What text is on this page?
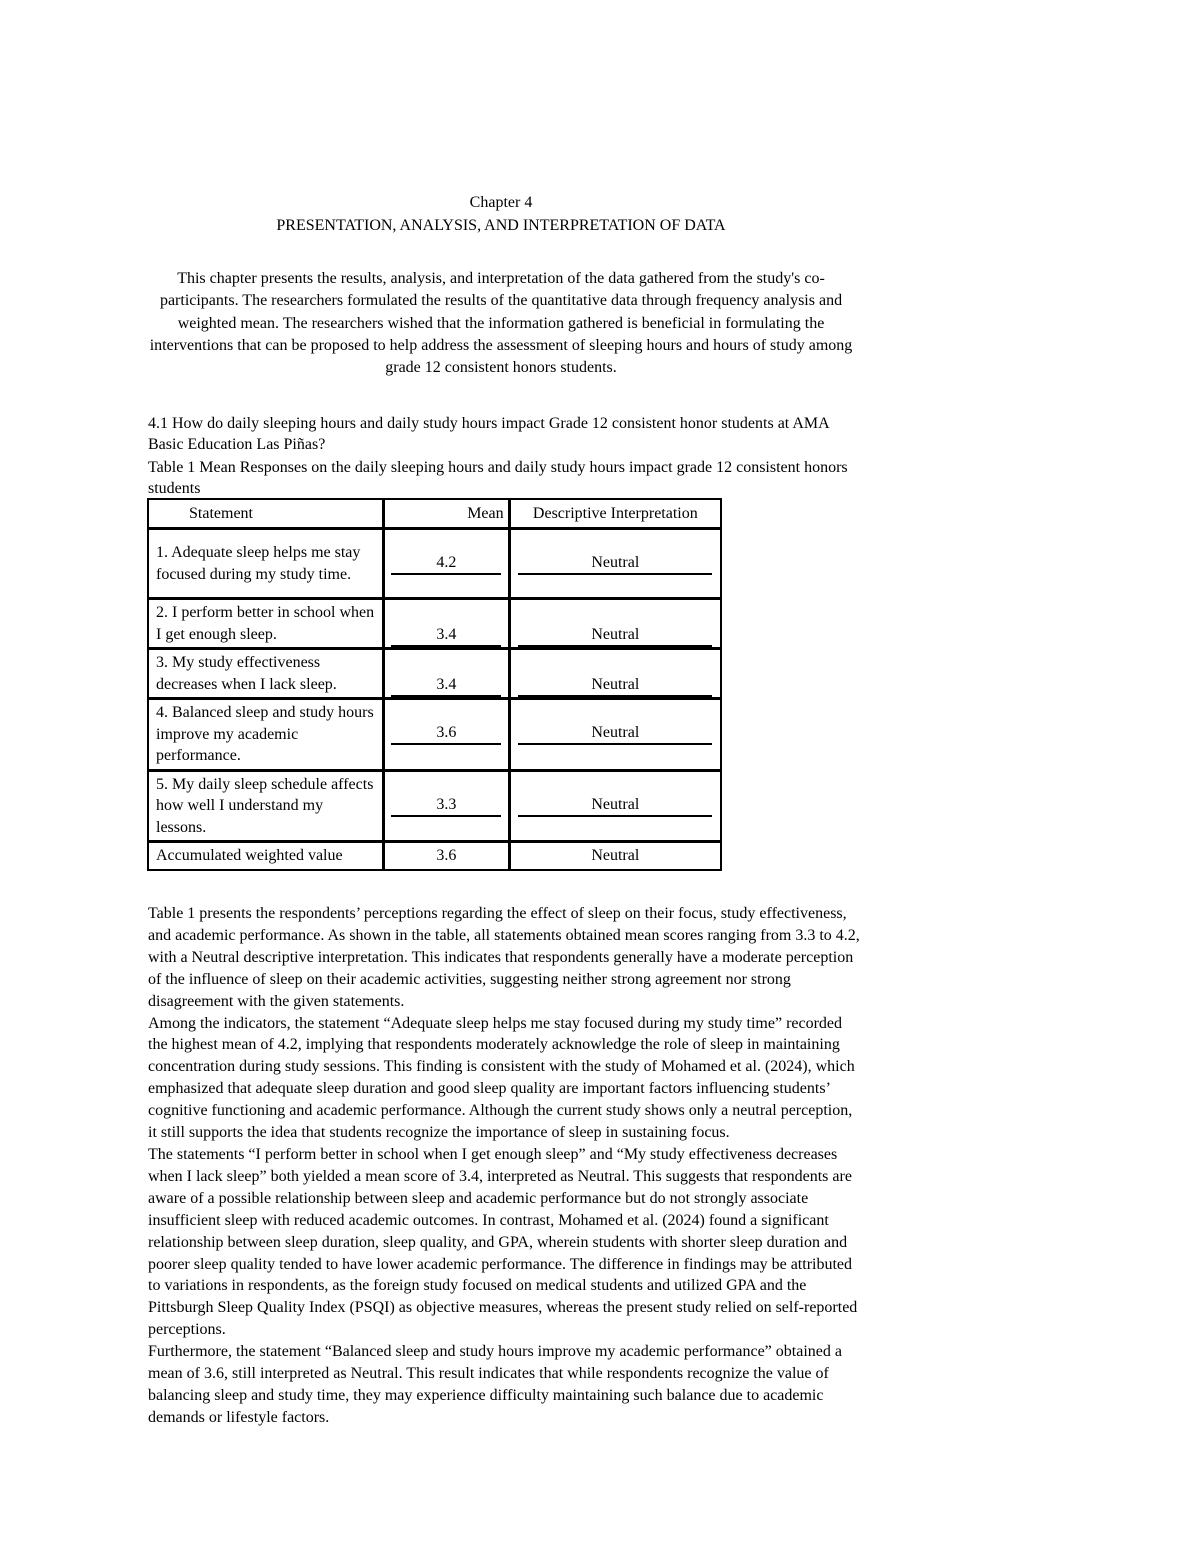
Chapter 4
PRESENTATION, ANALYSIS, AND INTERPRETATION OF DATA
This chapter presents the results, analysis, and interpretation of the data gathered from the study's co-participants. The researchers formulated the results of the quantitative data through frequency analysis and weighted mean. The researchers wished that the information gathered is beneficial in formulating the interventions that can be proposed to help address the assessment of sleeping hours and hours of study among grade 12 consistent honors students.
4.1 How do daily sleeping hours and daily study hours impact Grade 12 consistent honor students at AMA Basic Education Las Piñas?
Table 1 Mean Responses on the daily sleeping hours and daily study hours impact grade 12 consistent honors students
Statement	Mean	Descriptive Interpretation
1. Adequate sleep helps me stay focused during my study time.	4.2	Neutral

2. I perform better in school when I get enough sleep.	3.4	Neutral

3. My study effectiveness decreases when I lack sleep.	3.4	Neutral

4. Balanced sleep and study hours improve my academic performance.	3.6	Neutral

5. My daily sleep schedule affects how well I understand my lessons.	3.3	Neutral

Accumulated weighted value	3.6	Neutral

Table 1 presents the respondents’ perceptions regarding the effect of sleep on their focus, study effectiveness, and academic performance. As shown in the table, all statements obtained mean scores ranging from 3.3 to 4.2, with a Neutral descriptive interpretation. This indicates that respondents generally have a moderate perception of the influence of sleep on their academic activities, suggesting neither strong agreement nor strong disagreement with the given statements.

Among the indicators, the statement “Adequate sleep helps me stay focused during my study time” recorded the highest mean of 4.2, implying that respondents moderately acknowledge the role of sleep in maintaining concentration during study sessions. This finding is consistent with the study of Mohamed et al. (2024), which emphasized that adequate sleep duration and good sleep quality are important factors influencing students’ cognitive functioning and academic performance. Although the current study shows only a neutral perception, it still supports the idea that students recognize the importance of sleep in sustaining focus.

The statements “I perform better in school when I get enough sleep” and “My study effectiveness decreases when I lack sleep” both yielded a mean score of 3.4, interpreted as Neutral. This suggests that respondents are aware of a possible relationship between sleep and academic performance but do not strongly associate insufficient sleep with reduced academic outcomes. In contrast, Mohamed et al. (2024) found a significant relationship between sleep duration, sleep quality, and GPA, wherein students with shorter sleep duration and poorer sleep quality tended to have lower academic performance. The difference in findings may be attributed to variations in respondents, as the foreign study focused on medical students and utilized GPA and the Pittsburgh Sleep Quality Index (PSQI) as objective measures, whereas the present study relied on self-reported perceptions.

Furthermore, the statement “Balanced sleep and study hours improve my academic performance” obtained a mean of 3.6, still interpreted as Neutral. This result indicates that while respondents recognize the value of balancing sleep and study time, they may experience difficulty maintaining such balance due to academic demands or lifestyle factors.
